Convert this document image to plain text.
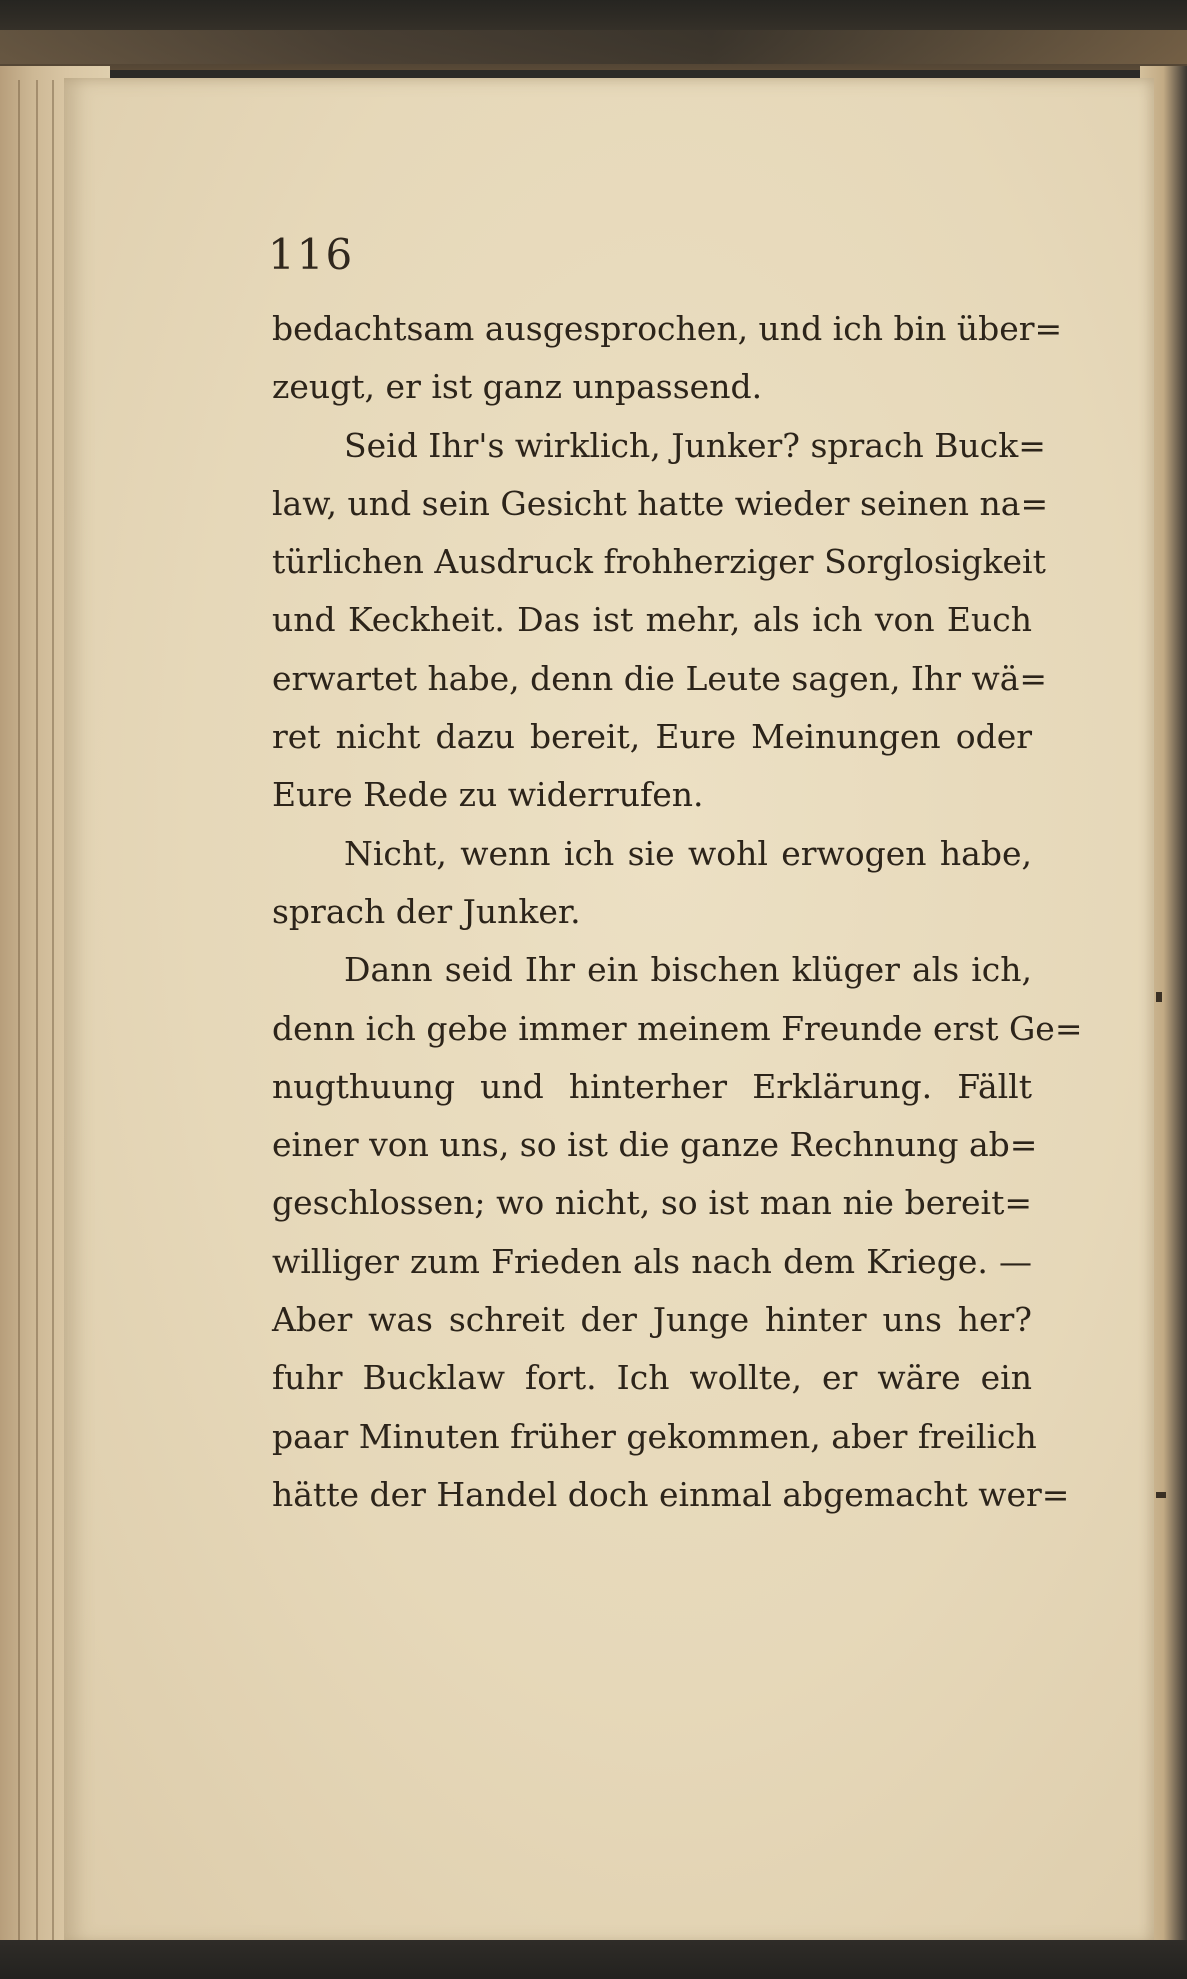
116
bedachtsam ausgesprochen, und ich bin über=
zeugt, er ist ganz unpassend.
Seid Ihr's wirklich, Junker? sprach Buck=
law, und sein Gesicht hatte wieder seinen na=
türlichen Ausdruck frohherziger Sorglosigkeit
und Keckheit. Das ist mehr, als ich von Euch
erwartet habe, denn die Leute sagen, Ihr wä=
ret nicht dazu bereit, Eure Meinungen oder
Eure Rede zu widerrufen.
Nicht, wenn ich sie wohl erwogen habe,
sprach der Junker.
Dann seid Ihr ein bischen klüger als ich,
denn ich gebe immer meinem Freunde erst Ge=
nugthuung und hinterher Erklärung. Fällt
einer von uns, so ist die ganze Rechnung ab=
geschlossen; wo nicht, so ist man nie bereit=
williger zum Frieden als nach dem Kriege. —
Aber was schreit der Junge hinter uns her?
fuhr Bucklaw fort. Ich wollte, er wäre ein
paar Minuten früher gekommen, aber freilich
hätte der Handel doch einmal abgemacht wer=
